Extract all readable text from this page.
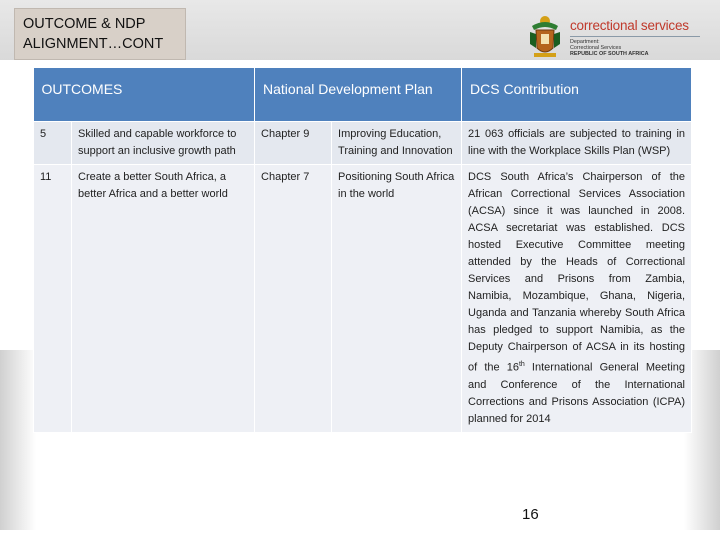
OUTCOME & NDP
ALIGNMENT…CONT
correctional services
Department:
Correctional Services
REPUBLIC OF SOUTH AFRICA
OUTCOMES		National Development Plan		DCS Contribution
5	Skilled and capable workforce to support an inclusive growth path	Chapter 9	Improving Education, Training and Innovation	21 063 officials are subjected to training in line with the Workplace Skills Plan (WSP)
11	Create a better South Africa, a better Africa and a better world	Chapter 7	Positioning South Africa in the world	DCS South Africa’s Chairperson of the African Correctional Services Association (ACSA) since it was launched in 2008. ACSA secretariat was established. DCS hosted Executive Committee meeting attended by the Heads of Correctional Services and Prisons from Zambia, Namibia, Mozambique, Ghana, Nigeria, Uganda and Tanzania whereby South Africa has pledged to support Namibia, as the Deputy Chairperson of ACSA in its hosting of the 16th International General Meeting and Conference of the International Corrections and Prisons Association (ICPA) planned for 2014
16
